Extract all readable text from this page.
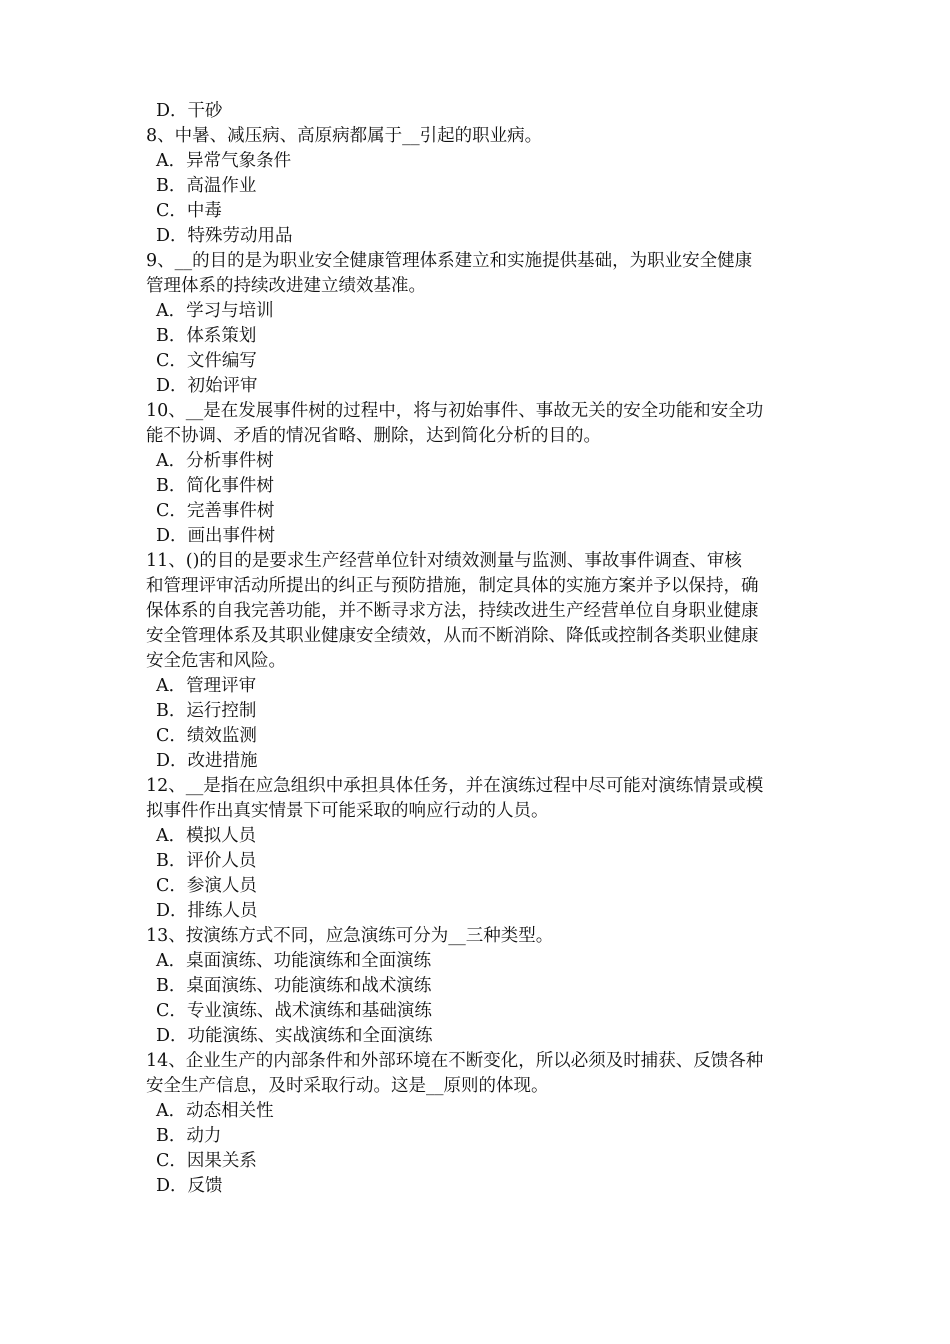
D．干砂
8、中暑、减压病、高原病都属于__引起的职业病。
A．异常气象条件
B．高温作业
C．中毒
D．特殊劳动用品
9、__的目的是为职业安全健康管理体系建立和实施提供基础，为职业安全健康
管理体系的持续改进建立绩效基准。
A．学习与培训
B．体系策划
C．文件编写
D．初始评审
10、__是在发展事件树的过程中，将与初始事件、事故无关的安全功能和安全功
能不协调、矛盾的情况省略、删除，达到简化分析的目的。
A．分析事件树
B．简化事件树
C．完善事件树
D．画出事件树
11、()的目的是要求生产经营单位针对绩效测量与监测、事故事件调查、审核
和管理评审活动所提出的纠正与预防措施，制定具体的实施方案并予以保持，确
保体系的自我完善功能，并不断寻求方法，持续改进生产经营单位自身职业健康
安全管理体系及其职业健康安全绩效，从而不断消除、降低或控制各类职业健康
安全危害和风险。
A．管理评审
B．运行控制
C．绩效监测
D．改进措施
12、__是指在应急组织中承担具体任务，并在演练过程中尽可能对演练情景或模
拟事件作出真实情景下可能采取的响应行动的人员。
A．模拟人员
B．评价人员
C．参演人员
D．排练人员
13、按演练方式不同，应急演练可分为__三种类型。
A．桌面演练、功能演练和全面演练
B．桌面演练、功能演练和战术演练
C．专业演练、战术演练和基础演练
D．功能演练、实战演练和全面演练
14、企业生产的内部条件和外部环境在不断变化，所以必须及时捕获、反馈各种
安全生产信息，及时采取行动。这是__原则的体现。
A．动态相关性
B．动力
C．因果关系
D．反馈
